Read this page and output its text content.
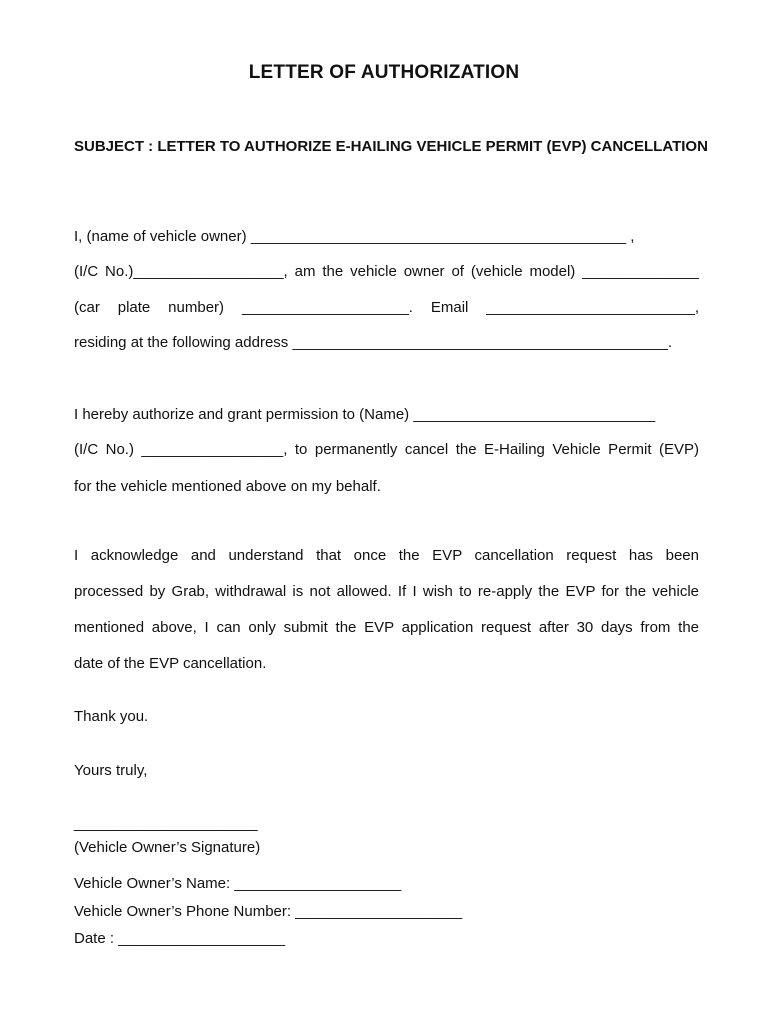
LETTER OF AUTHORIZATION
SUBJECT : LETTER TO AUTHORIZE E-HAILING VEHICLE PERMIT (EVP) CANCELLATION
I, (name of vehicle owner) _____________________________________________ ,
(I/C No.)__________________, am the vehicle owner of (vehicle model) ______________
(car plate number) ____________________. Email _________________________,
residing at the following address _____________________________________________.
I hereby authorize and grant permission to (Name) _____________________________
(I/C No.) _________________, to permanently cancel the E-Hailing Vehicle Permit (EVP)
for the vehicle mentioned above on my behalf.
I acknowledge and understand that once the EVP cancellation request has been
processed by Grab, withdrawal is not allowed. If I wish to re-apply the EVP for the vehicle
mentioned above, I can only submit the EVP application request after 30 days from the
date of the EVP cancellation.
Thank you.
Yours truly,
______________________
(Vehicle Owner’s Signature)
Vehicle Owner’s Name: ____________________
Vehicle Owner’s Phone Number: ____________________
Date : ____________________
